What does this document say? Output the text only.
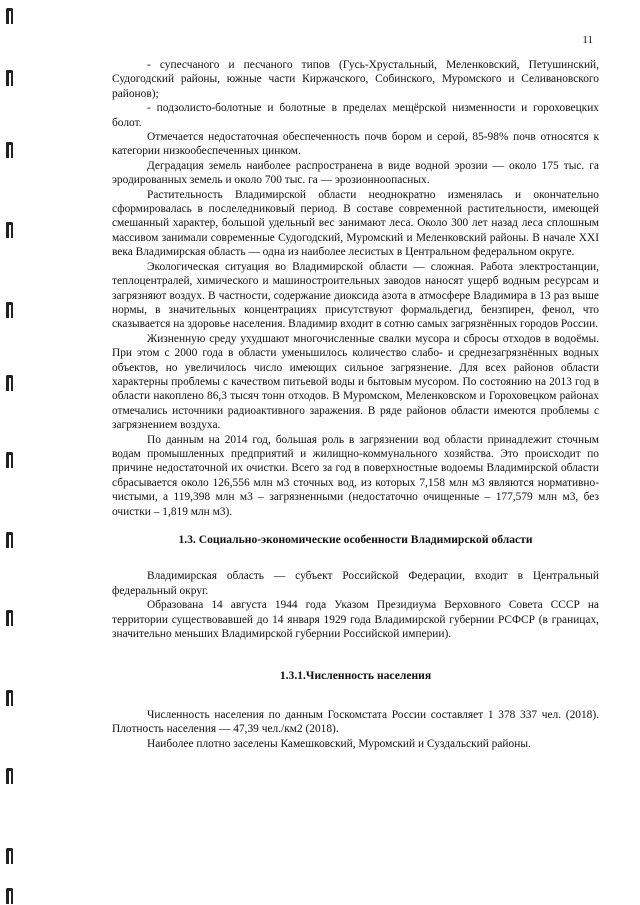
11

- супесчаного и песчаного типов (Гусь-Хрустальный, Меленковский, Петушинский, Судогодский районы, южные части Киржачского, Собинского, Муромского и Селивановского районов);

- подзолисто-болотные и болотные в пределах мещёрской низменности и гороховецких болот.

Отмечается недостаточная обеспеченность почв бором и серой, 85-98% почв относятся к категории низкообеспеченных цинком.

Деградация земель наиболее распространена в виде водной эрозии — около 175 тыс. га эродированных земель и около 700 тыс. га — эрозионноопасных.

Растительность Владимирской области неоднократно изменялась и окончательно сформировалась в послеледниковый период. В составе современной растительности, имеющей смешанный характер, большой удельный вес занимают леса. Около 300 лет назад леса сплошным массивом занимали современные Судогодский, Муромский и Меленковский районы. В начале XXI века Владимирская область — одна из наиболее лесистых в Центральном федеральном округе.

Экологическая ситуация во Владимирской области — сложная. Работа электростанции, теплоцентралей, химического и машиностроительных заводов наносят ущерб водным ресурсам и загрязняют воздух. В частности, содержание диоксида азота в атмосфере Владимира в 13 раз выше нормы, в значительных концентрациях присутствуют формальдегид, бензпирен, фенол, что сказывается на здоровье населения. Владимир входит в сотню самых загрязнённых городов России.

Жизненную среду ухудшают многочисленные свалки мусора и сбросы отходов в водоёмы. При этом с 2000 года в области уменьшилось количество слабо- и среднезагрязнённых водных объектов, но увеличилось число имеющих сильное загрязнение. Для всех районов области характерны проблемы с качеством питьевой воды и бытовым мусором. По состоянию на 2013 год в области накоплено 86,3 тысяч тонн отходов. В Муромском, Меленковском и Гороховецком районах отмечались источники радиоактивного заражения. В ряде районов области имеются проблемы с загрязнением воздуха.

По данным на 2014 год, большая роль в загрязнении вод области принадлежит сточным водам промышленных предприятий и жилищно-коммунального хозяйства. Это происходит по причине недостаточной их очистки. Всего за год в поверхностные водоемы Владимирской области сбрасывается около 126,556 млн м3 сточных вод, из которых 7,158 млн м3 являются нормативно-чистыми, а 119,398 млн м3 – загрязненными (недостаточно очищенные – 177,579 млн м3, без очистки – 1,819 млн м3).

1.3. Социально-экономические особенности Владимирской области

Владимирская область — субъект Российской Федерации, входит в Центральный федеральный округ.

Образована 14 августа 1944 года Указом Президиума Верховного Совета СССР на территории существовавшей до 14 января 1929 года Владимирской губернии РСФСР (в границах, значительно меньших Владимирской губернии Российской империи).

1.3.1.Численность населения

Численность населения по данным Госкомстата России составляет 1 378 337 чел. (2018). Плотность населения — 47,39 чел./км2 (2018).

Наиболее плотно заселены Камешковский, Муромский и Суздальский районы.
